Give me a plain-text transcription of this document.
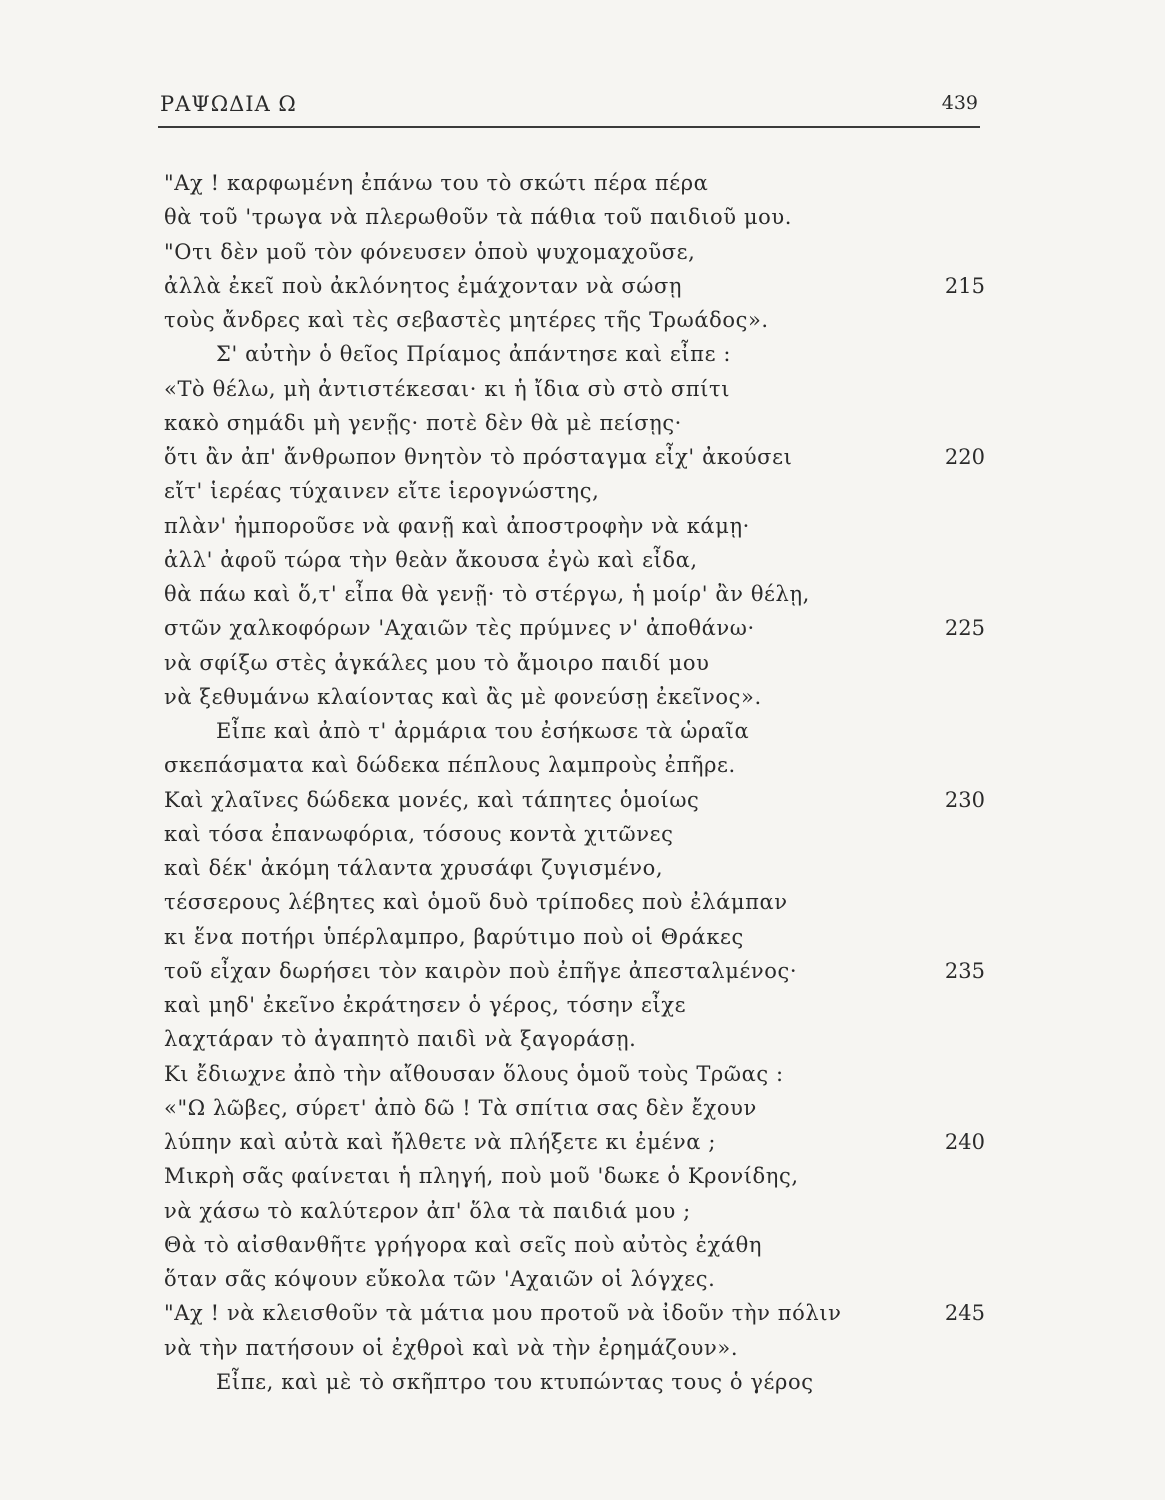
ΡΑΨΩΔΙΑ Ω	439
"Αχ ! καρφωμένη ἐπάνω του τὸ σκώτι πέρα πέρα
θὰ τοῦ 'τρωγα νὰ πλερωθοῦν τὰ πάθια τοῦ παιδιοῦ μου.
"Οτι δὲν μοῦ τὸν φόνευσεν ὁποὺ ψυχομαχοῦσε,
ἀλλὰ ἐκεῖ ποὺ ἀκλόνητος ἐμάχονταν νὰ σώσῃ	215
τοὺς ἄνδρες καὶ τὲς σεβαστὲς μητέρες τῆς Τρωάδος».
Σ' αὐτὴν ὁ θεῖος Πρίαμος ἀπάντησε καὶ εἶπε :
«Τὸ θέλω, μὴ ἀντιστέκεσαι· κι ἡ ἴδια σὺ στὸ σπίτι
κακὸ σημάδι μὴ γενῇς· ποτὲ δὲν θὰ μὲ πείσῃς·
ὅτι ἂν ἀπ' ἄνθρωπον θνητὸν τὸ πρόσταγμα εἶχ' ἀκούσει	220
εἴτ' ἱερέας τύχαινεν εἴτε ἱερογνώστης,
πλὰν' ἠμποροῦσε νὰ φανῇ καὶ ἀποστροφὴν νὰ κάμῃ·
ἀλλ' ἀφοῦ τώρα τὴν θεὰν ἄκουσα ἐγὼ καὶ εἶδα,
θὰ πάω καὶ ὅ,τ' εἶπα θὰ γενῇ· τὸ στέργω, ἡ μοίρ' ἂν θέλῃ,
στῶν χαλκοφόρων 'Αχαιῶν τὲς πρύμνες ν' ἀποθάνω·	225
νὰ σφίξω στὲς ἀγκάλες μου τὸ ἄμοιρο παιδί μου
νὰ ξεθυμάνω κλαίοντας καὶ ἂς μὲ φονεύσῃ ἐκεῖνος».
Εἶπε καὶ ἀπὸ τ' ἀρμάρια του ἐσήκωσε τὰ ὡραῖα
σκεπάσματα καὶ δώδεκα πέπλους λαμπροὺς ἐπῆρε.
Καὶ χλαῖνες δώδεκα μονές, καὶ τάπητες ὁμοίως	230
καὶ τόσα ἐπανωφόρια, τόσους κοντὰ χιτῶνες
καὶ δέκ' ἀκόμη τάλαντα χρυσάφι ζυγισμένο,
τέσσερους λέβητες καὶ ὁμοῦ δυὸ τρίποδες ποὺ ἐλάμπαν
κι ἕνα ποτήρι ὑπέρλαμπρο, βαρύτιμο ποὺ οἱ Θράκες
τοῦ εἶχαν δωρήσει τὸν καιρὸν ποὺ ἐπῆγε ἀπεσταλμένος·	235
καὶ μηδ' ἐκεῖνο ἐκράτησεν ὁ γέρος, τόσην εἶχε
λαχτάραν τὸ ἀγαπητὸ παιδὶ νὰ ξαγοράσῃ.
Κι ἔδιωχνε ἀπὸ τὴν αἴθουσαν ὅλους ὁμοῦ τοὺς Τρῶας :
«"Ω λῶβες, σύρετ' ἀπὸ δῶ ! Τὰ σπίτια σας δὲν ἔχουν
λύπην καὶ αὐτὰ καὶ ἤλθετε νὰ πλήξετε κι ἐμένα ;	240
Μικρὴ σᾶς φαίνεται ἡ πληγή, ποὺ μοῦ 'δωκε ὁ Κρονίδης,
νὰ χάσω τὸ καλύτερον ἀπ' ὅλα τὰ παιδιά μου ;
Θὰ τὸ αἰσθανθῆτε γρήγορα καὶ σεῖς ποὺ αὐτὸς ἐχάθη
ὅταν σᾶς κόψουν εὔκολα τῶν 'Αχαιῶν οἱ λόγχες.
"Αχ ! νὰ κλεισθοῦν τὰ μάτια μου προτοῦ νὰ ἰδοῦν τὴν πόλιν	245
νὰ τὴν πατήσουν οἱ ἐχθροὶ καὶ νὰ τὴν ἐρημάζουν».
Εἶπε, καὶ μὲ τὸ σκῆπτρο του κτυπώντας τους ὁ γέρος
